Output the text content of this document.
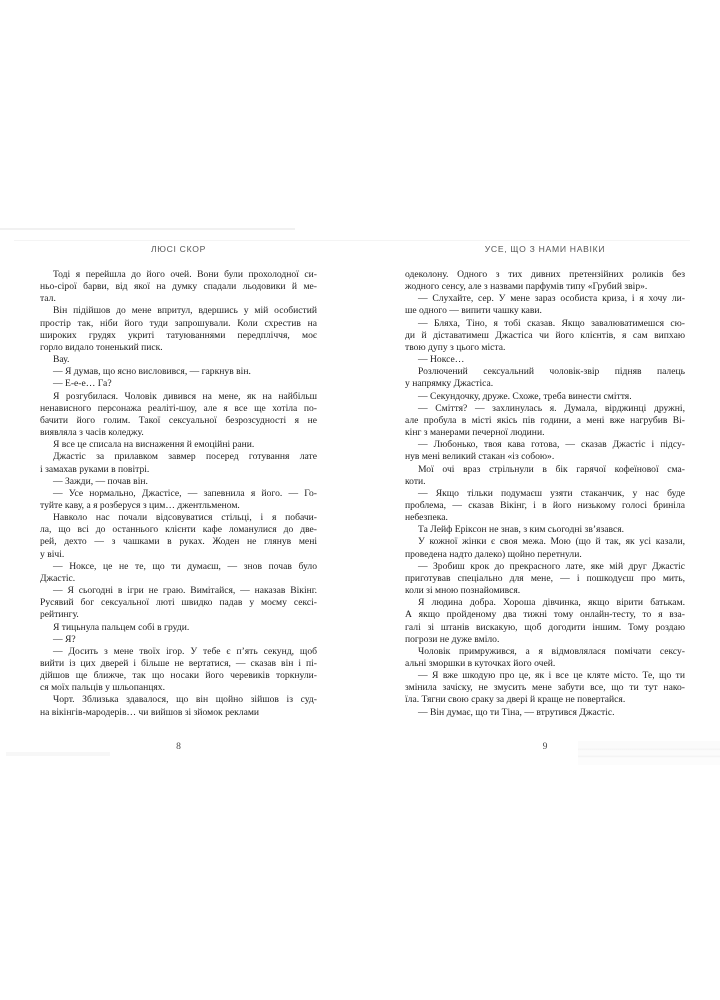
ЛЮСІ СКОР
Тоді я перейшла до його очей. Вони були прохолодної си-
ньо-сірої барви, від якої на думку спадали льодовики й ме-
тал.
Він підійшов до мене впритул, вдершись у мій особистий
простір так, ніби його туди запрошували. Коли схрестив на
широких грудях укриті татуюваннями передпліччя, моє
горло видало тоненький писк.
Вау.
— Я думав, що ясно висловився, — гаркнув він.
— Е-е-е… Га?
Я розгубилася. Чоловік дивився на мене, як на найбільш
ненависного персонажа реаліті-шоу, але я все ще хотіла по-
бачити його голим. Такої сексуальної безрозсудності я не
виявляла з часів коледжу.
Я все це списала на виснаження й емоційні рани.
Джастіс за прилавком завмер посеред готування лате
і замахав руками в повітрі.
— Зажди, — почав він.
— Усе нормально, Джастісе, — запевнила я його. — Го-
туйте каву, а я розберуся з цим… джентльменом.
Навколо нас почали відсовуватися стільці, і я побачи-
ла, що всі до останнього клієнти кафе ломанулися до две-
рей, дехто — з чашками в руках. Жоден не глянув мені
у вічі.
— Ноксе, це не те, що ти думаєш, — знов почав було
Джастіс.
— Я сьогодні в ігри не граю. Вимітайся, — наказав Вікінг.
Русявий бог сексуальної люті швидко падав у моєму сексі-
рейтингу.
Я тицьнула пальцем собі в груди.
— Я?
— Досить з мене твоїх ігор. У тебе є п’ять секунд, щоб
вийти із цих дверей і більше не вертатися, — сказав він і пі-
дійшов ще ближче, так що носаки його черевиків торкнули-
ся моїх пальців у шльопанцях.
Чорт. Зблизька здавалося, що він щойно зійшов із суд-
на вікінгів-мародерів… чи вийшов зі зйомок реклами
8
УСЕ, ЩО З НАМИ НАВІКИ
одеколону. Одного з тих дивних претензійних роликів без
жодного сенсу, але з назвами парфумів типу «Грубий звір».
— Слухайте, сер. У мене зараз особиста криза, і я хочу ли-
ше одного — випити чашку кави.
— Бляха, Тіно, я тобі сказав. Якщо завалюватимешся сю-
ди й діставатимеш Джастіса чи його клієнтів, я сам випхаю
твою дупу з цього міста.
— Ноксе…
Розлючений сексуальний чоловік-звір підняв палець
у напрямку Джастіса.
— Секундочку, друже. Схоже, треба винести сміття.
— Сміття? — захлинулась я. Думала, вірджинці дружні,
але пробула в місті якісь пів години, а мені вже нагрубив Ві-
кінг з манерами печерної людини.
— Любонько, твоя кава готова, — сказав Джастіс і підсу-
нув мені великий стакан «із собою».
Мої очі враз стрільнули в бік гарячої кофеїнової сма-
коти.
— Якщо тільки подумаєш узяти стаканчик, у нас буде
проблема, — сказав Вікінг, і в його низькому голосі бриніла
небезпека.
Та Лейф Еріксон не знав, з ким сьогодні зв’язався.
У кожної жінки є своя межа. Мою (що й так, як усі казали,
проведена надто далеко) щойно перетнули.
— Зробиш крок до прекрасного лате, яке мій друг Джастіс
приготував спеціально для мене, — і пошкодуєш про мить,
коли зі мною познайомився.
Я людина добра. Хороша дівчинка, якщо вірити батькам.
А якщо пройденому два тижні тому онлайн-тесту, то я вза-
галі зі штанів вискакую, щоб догодити іншим. Тому роздаю
погрози не дуже вміло.
Чоловік примружився, а я відмовлялася помічати сексу-
альні зморшки в куточках його очей.
— Я вже шкодую про це, як і все це кляте місто. Те, що ти
змінила зачіску, не змусить мене забути все, що ти тут нако-
їла. Тягни свою сраку за двері й краще не повертайся.
— Він думає, що ти Тіна, — втрутився Джастіс.
9
